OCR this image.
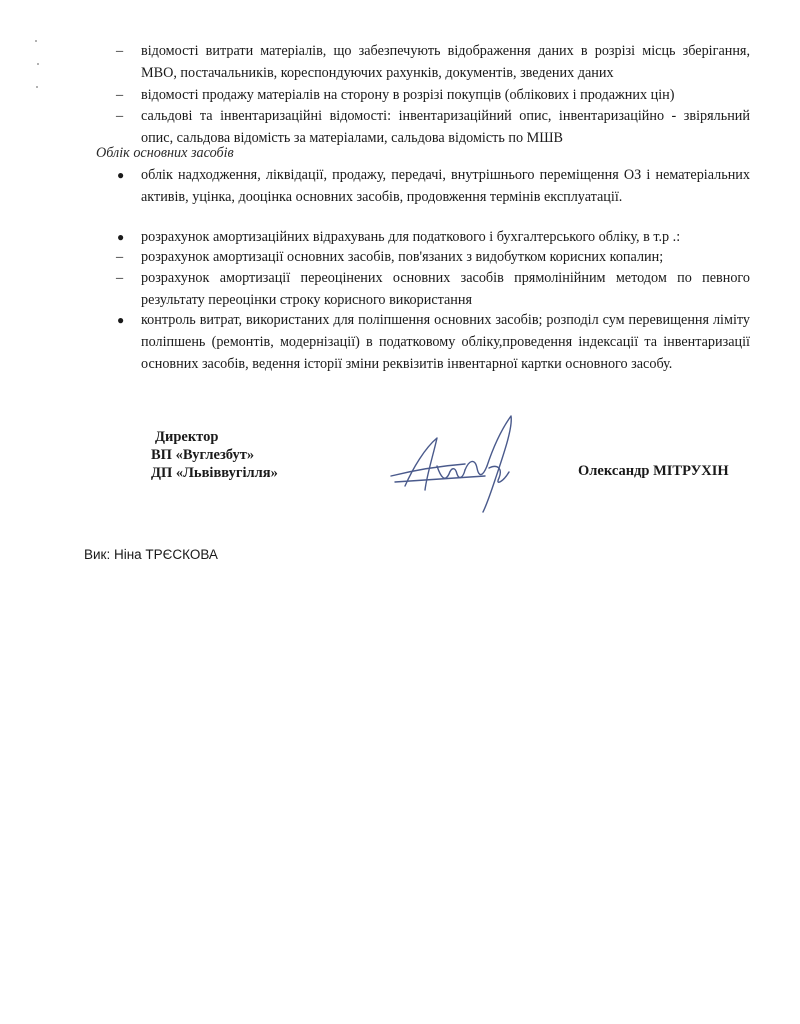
–	відомості витрати матеріалів, що забезпечують відображення даних в розрізі місць зберігання, МВО, постачальників, кореспондуючих рахунків, документів, зведених даних
–	відомості продажу матеріалів на сторону в розрізі покупців (облікових і продажних цін)
–	сальдові та інвентаризаційні відомості: інвентаризаційний опис, інвентаризаційно - звіряльний опис, сальдова відомість за матеріалами, сальдова відомість по МШВ
Облік основних засобів
●	облік надходження, ліквідації, продажу, передачі, внутрішнього переміщення ОЗ і нематеріальних активів, уцінка, дооцінка основних засобів, продовження термінів експлуатації.
●	розрахунок амортизаційних відрахувань для податкового і бухгалтерського обліку, в т.р .:
–	розрахунок амортизації основних засобів, пов'язаних з видобутком корисних копалин;
–	розрахунок амортизації переоцінених основних засобів прямолінійним методом по певного результату переоцінки строку корисного використання
●	контроль витрат, використаних для поліпшення основних засобів; розподіл сум перевищення ліміту поліпшень (ремонтів, модернізації) в податковому обліку,проведення індексації та інвентаризації основних засобів, ведення історії зміни реквізитів інвентарної картки основного засобу.
Директор
ВП «Вуглезбут»
ДП «Львіввугілля»	Олександр МІТРУХІН
Вик: Ніна ТРЄСКОВА
